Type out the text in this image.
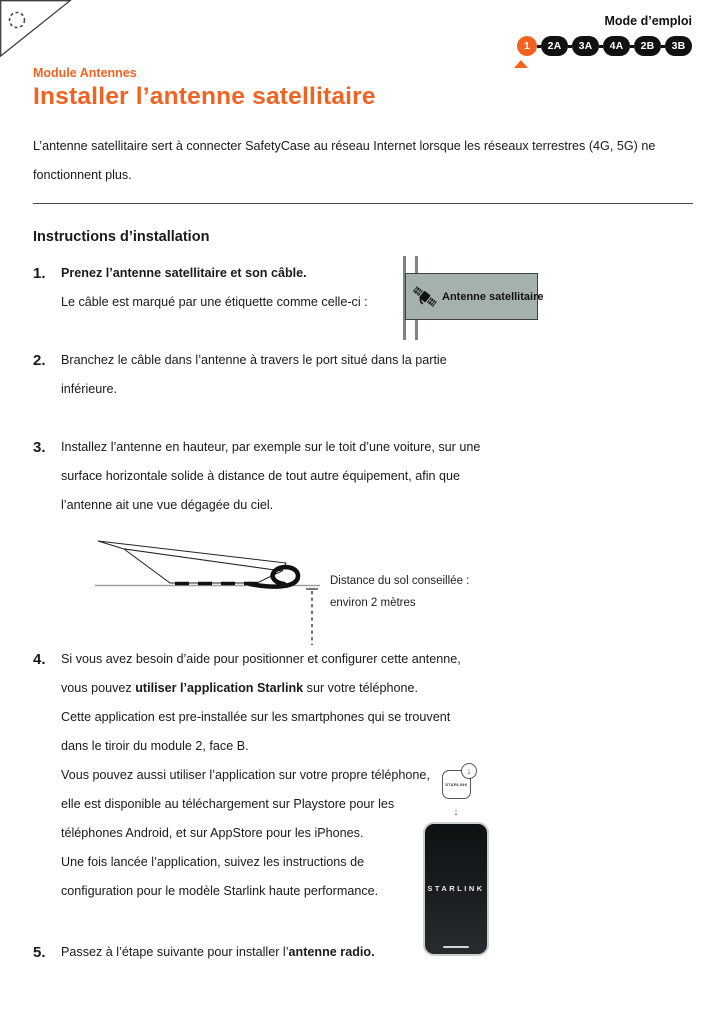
Mode d’emploi
1	2A	3A	4A	2B	3B
Module Antennes
Installer l’antenne satellitaire
L’antenne satellitaire sert à connecter SafetyCase au réseau Internet lorsque les réseaux terrestres (4G, 5G) ne
fonctionnent plus.
Instructions d’installation
1.	Prenez l’antenne satellitaire et son câble.
Le câble est marqué par une étiquette comme celle-ci :
2.	Branchez le câble dans l’antenne à travers le port situé dans la partie
inférieure.
3.	Installez l’antenne en hauteur, par exemple sur le toit d’une voiture, sur une
surface horizontale solide à distance de tout autre équipement, afin que
l’antenne ait une vue dégagée du ciel.
4.	Si vous avez besoin d’aide pour positionner et configurer cette antenne,
vous pouvez utiliser l’application Starlink sur votre téléphone.
Cette application est pre-installée sur les smartphones qui se trouvent
dans le tiroir du module 2, face B.
Vous pouvez aussi utiliser l’application sur votre propre téléphone,
elle est disponible au téléchargement sur Playstore pour les
téléphones Android, et sur AppStore pour les iPhones.
Une fois lancée l’application, suivez les instructions de
configuration pour le modèle Starlink haute performance.
5.	Passez à l’étape suivante pour installer l’antenne radio.
Antenne satellitaire
Distance du sol conseillée :
environ 2 mètres
STARLINK
↓
↓
STARLINK
